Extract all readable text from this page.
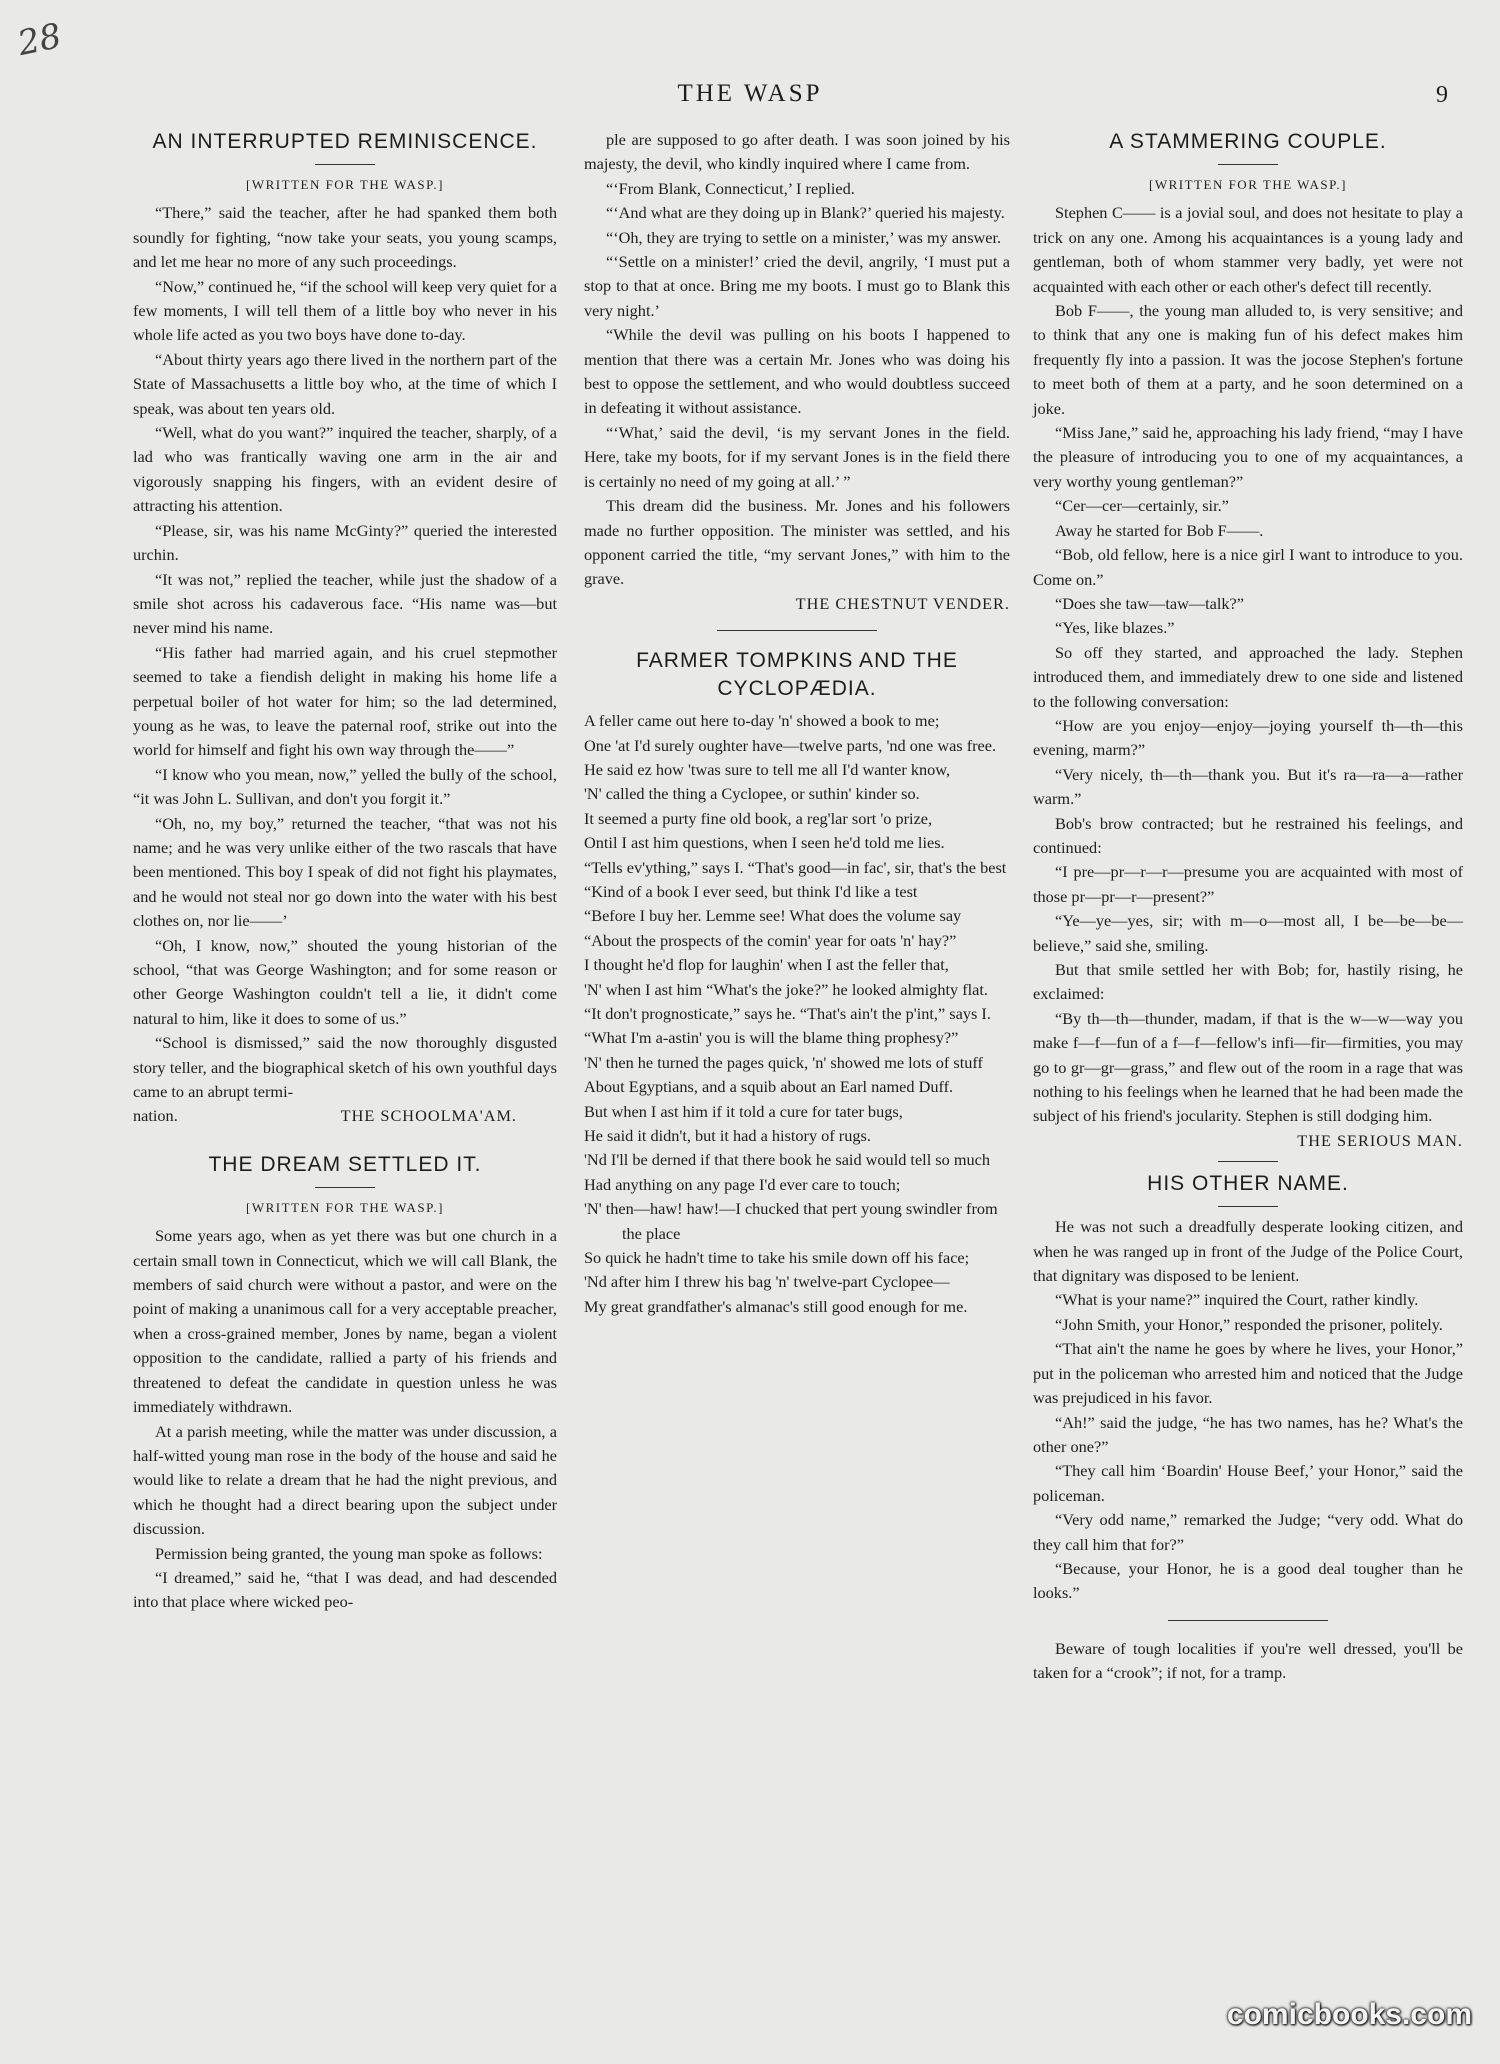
28
THE WASP	9
AN INTERRUPTED REMINISCENCE.
[WRITTEN FOR THE WASP.]

“There,” said the teacher, after he had spanked them both soundly for fighting, “now take your seats, you young scamps, and let me hear no more of any such proceedings.

“Now,” continued he, “if the school will keep very quiet for a few moments, I will tell them of a little boy who never in his whole life acted as you two boys have done to-day.

“About thirty years ago there lived in the northern part of the State of Massachusetts a little boy who, at the time of which I speak, was about ten years old.

“Well, what do you want?” inquired the teacher, sharply, of a lad who was frantically waving one arm in the air and vigorously snapping his fingers, with an evident desire of attracting his attention.

“Please, sir, was his name McGinty?” queried the interested urchin.

“It was not,” replied the teacher, while just the shadow of a smile shot across his cadaverous face. “His name was—but never mind his name.

“His father had married again, and his cruel stepmother seemed to take a fiendish delight in making his home life a perpetual boiler of hot water for him; so the lad determined, young as he was, to leave the paternal roof, strike out into the world for himself and fight his own way through the——”

“I know who you mean, now,” yelled the bully of the school, “it was John L. Sullivan, and don't you forgit it.”

“Oh, no, my boy,” returned the teacher, “that was not his name; and he was very unlike either of the two rascals that have been mentioned. This boy I speak of did not fight his playmates, and he would not steal nor go down into the water with his best clothes on, nor lie——’

“Oh, I know, now,” shouted the young historian of the school, “that was George Washington; and for some reason or other George Washington couldn't tell a lie, it didn't come natural to him, like it does to some of us.”

“School is dismissed,” said the now thoroughly disgusted story teller, and the biographical sketch of his own youthful days came to an abrupt termi-

nation.	THE SCHOOLMA'AM.

THE DREAM SETTLED IT.
[WRITTEN FOR THE WASP.]

Some years ago, when as yet there was but one church in a certain small town in Connecticut, which we will call Blank, the members of said church were without a pastor, and were on the point of making a unanimous call for a very acceptable preacher, when a cross-grained member, Jones by name, began a violent opposition to the candidate, rallied a party of his friends and threatened to defeat the candidate in question unless he was immediately withdrawn.

At a parish meeting, while the matter was under discussion, a half-witted young man rose in the body of the house and said he would like to relate a dream that he had the night previous, and which he thought had a direct bearing upon the subject under discussion.

Permission being granted, the young man spoke as follows:

“I dreamed,” said he, “that I was dead, and had descended into that place where wicked peo-

ple are supposed to go after death. I was soon joined by his majesty, the devil, who kindly inquired where I came from.

“‘From Blank, Connecticut,’ I replied.

“‘And what are they doing up in Blank?’ queried his majesty.

“‘Oh, they are trying to settle on a minister,’ was my answer.

“‘Settle on a minister!’ cried the devil, angrily, ‘I must put a stop to that at once. Bring me my boots. I must go to Blank this very night.’

“While the devil was pulling on his boots I happened to mention that there was a certain Mr. Jones who was doing his best to oppose the settlement, and who would doubtless succeed in defeating it without assistance.

“‘What,’ said the devil, ‘is my servant Jones in the field. Here, take my boots, for if my servant Jones is in the field there is certainly no need of my going at all.’ ”

This dream did the business. Mr. Jones and his followers made no further opposition. The minister was settled, and his opponent carried the title, “my servant Jones,” with him to the grave.

THE CHESTNUT VENDER.
FARMER TOMPKINS AND THE CYCLOPÆDIA.

A feller came out here to-day 'n' showed a book to me;

One 'at I'd surely oughter have—twelve parts, 'nd one was free.

He said ez how 'twas sure to tell me all I'd wanter know,

'N' called the thing a Cyclopee, or suthin' kinder so.

It seemed a purty fine old book, a reg'lar sort 'o prize,

Ontil I ast him questions, when I seen he'd told me lies.

“Tells ev'ything,” says I. “That's good—in fac', sir, that's the best

“Kind of a book I ever seed, but think I'd like a test

“Before I buy her. Lemme see! What does the volume say

“About the prospects of the comin' year for oats 'n' hay?”

I thought he'd flop for laughin' when I ast the feller that,

'N' when I ast him “What's the joke?” he looked almighty flat.

“It don't prognosticate,” says he. “That's ain't the p'int,” says I.

“What I'm a-astin' you is will the blame thing prophesy?”

'N' then he turned the pages quick, 'n' showed me lots of stuff

About Egyptians, and a squib about an Earl named Duff.

But when I ast him if it told a cure for tater bugs,

He said it didn't, but it had a history of rugs.

'Nd I'll be derned if that there book he said would tell so much

Had anything on any page I'd ever care to touch;

'N' then—haw! haw!—I chucked that pert young swindler from the place

So quick he hadn't time to take his smile down off his face;

'Nd after him I threw his bag 'n' twelve-part Cyclopee—

My great grandfather's almanac's still good enough for me.

A STAMMERING COUPLE.
[WRITTEN FOR THE WASP.]

Stephen C—— is a jovial soul, and does not hesitate to play a trick on any one. Among his acquaintances is a young lady and gentleman, both of whom stammer very badly, yet were not acquainted with each other or each other's defect till recently.

Bob F——, the young man alluded to, is very sensitive; and to think that any one is making fun of his defect makes him frequently fly into a passion. It was the jocose Stephen's fortune to meet both of them at a party, and he soon determined on a joke.

“Miss Jane,” said he, approaching his lady friend, “may I have the pleasure of introducing you to one of my acquaintances, a very worthy young gentleman?”

“Cer—cer—certainly, sir.”

Away he started for Bob F——.

“Bob, old fellow, here is a nice girl I want to introduce to you. Come on.”

“Does she taw—taw—talk?”

“Yes, like blazes.”

So off they started, and approached the lady. Stephen introduced them, and immediately drew to one side and listened to the following conversation:

“How are you enjoy—enjoy—joying yourself th—th—this evening, marm?”

“Very nicely, th—th—thank you. But it's ra—ra—a—rather warm.”

Bob's brow contracted; but he restrained his feelings, and continued:

“I pre—pr—r—r—presume you are acquainted with most of those pr—pr—r—present?”

“Ye—ye—yes, sir; with m—o—most all, I be—be—be—believe,” said she, smiling.

But that smile settled her with Bob; for, hastily rising, he exclaimed:

“By th—th—thunder, madam, if that is the w—w—way you make f—f—fun of a f—f—fellow's infi—fir—firmities, you may go to gr—gr—grass,” and flew out of the room in a rage that was nothing to his feelings when he learned that he had been made the subject of his friend's jocularity. Stephen is still dodging him.

THE SERIOUS MAN.
HIS OTHER NAME.

He was not such a dreadfully desperate looking citizen, and when he was ranged up in front of the Judge of the Police Court, that dignitary was disposed to be lenient.

“What is your name?” inquired the Court, rather kindly.

“John Smith, your Honor,” responded the prisoner, politely.

“That ain't the name he goes by where he lives, your Honor,” put in the policeman who arrested him and noticed that the Judge was prejudiced in his favor.

“Ah!” said the judge, “he has two names, has he? What's the other one?”

“They call him ‘Boardin' House Beef,’ your Honor,” said the policeman.

“Very odd name,” remarked the Judge; “very odd. What do they call him that for?”

“Because, your Honor, he is a good deal tougher than he looks.”

Beware of tough localities if you're well dressed, you'll be taken for a “crook”; if not, for a tramp.

comicbooks.com
